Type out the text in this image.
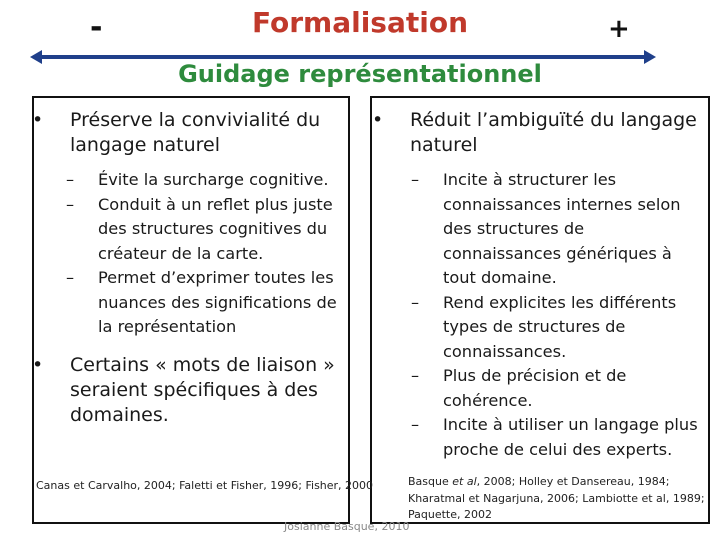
-	Formalisation	+
Guidage représentationnel
•	Préserve la convivialité du langage naturel
– Évite la surcharge cognitive.
– Conduit à un reflet plus juste des structures cognitives du créateur de la carte.
– Permet d’exprimer toutes les nuances des significations de la représentation
•	Certains « mots de liaison » seraient spécifiques à des domaines.
Canas et Carvalho, 2004; Faletti et Fisher, 1996; Fisher, 2000
•	Réduit l’ambiguïté du langage naturel
– Incite à structurer les connaissances internes selon des structures de connaissances génériques à tout domaine.
– Rend explicites les différents types de structures de connaissances.
– Plus de précision et de cohérence.
– Incite à utiliser un langage plus proche de celui des experts.
Basque et al, 2008; Holley et Dansereau, 1984; Kharatmal et Nagarjuna, 2006; Lambiotte et al, 1989; Paquette, 2002
Josianne Basque, 2010
